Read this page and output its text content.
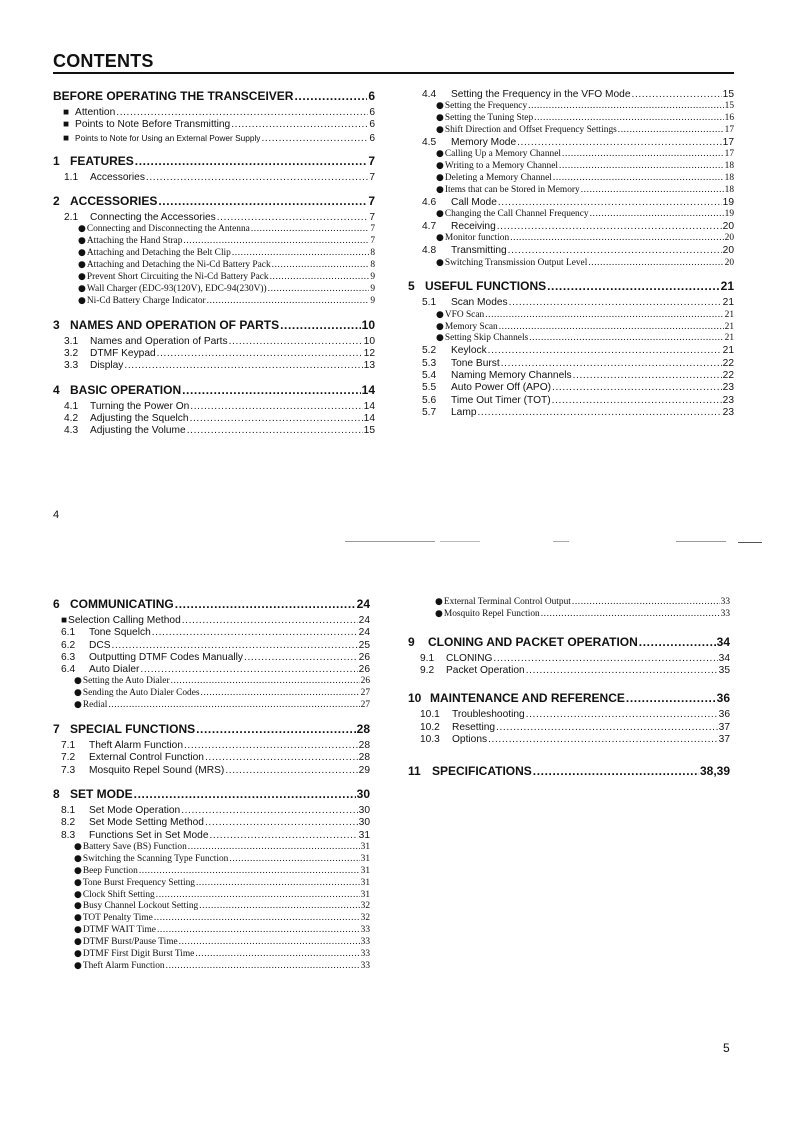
CONTENTS
BEFORE OPERATING THE TRANSCEIVER .....	6
■ Attention .....	6
■ Points to Note Before Transmitting .....	6
■ Points to Note for Using an External Power Supply .....	6
1 FEATURES .....	7
1.1	Accessories .....	7
2 ACCESSORIES .....	7
2.1	Connecting the Accessories .....	7
● Connecting and Disconnecting the Antenna .....	7
● Attaching the Hand Strap .....	7
● Attaching and Detaching the Belt Clip .....	8
● Attaching and Detaching the Ni-Cd Battery Pack .....	8
● Prevent Short Circuiting the Ni-Cd Battery Pack .....	9
● Wall Charger (EDC-93(120V), EDC-94(230V)) .....	9
● Ni-Cd Battery Charge Indicator .....	9
3 NAMES AND OPERATION OF PARTS .....	10
3.1	Names and Operation of Parts .....	10
3.2	DTMF Keypad .....	12
3.3	Display .....	13
4 BASIC OPERATION .....	14
4.1	Turning the Power On .....	14
4.2	Adjusting the Squelch .....	14
4.3	Adjusting the Volume .....	15
4.4	Setting the Frequency in the VFO Mode .....	15
● Setting the Frequency .....	15
● Setting the Tuning Step .....	16
● Shift Direction and Offset Frequency Settings .....	17
4.5	Memory Mode .....	17
● Calling Up a Memory Channel .....	17
● Writing to a Memory Channel .....	18
● Deleting a Memory Channel .....	18
● Items that can be Stored in Memory .....	18
4.6	Call Mode .....	19
● Changing the Call Channel Frequency .....	19
4.7	Receiving .....	20
● Monitor function .....	20
4.8	Transmitting .....	20
● Switching Transmission Output Level .....	20
5 USEFUL FUNCTIONS .....	21
5.1	Scan Modes .....	21
● VFO Scan .....	21
● Memory Scan .....	21
● Setting Skip Channels .....	21
5.2	Keylock .....	21
5.3	Tone Burst .....	22
5.4	Naming Memory Channels .....	22
5.5	Auto Power Off (APO) .....	23
5.6	Time Out Timer (TOT) .....	23
5.7	Lamp .....	23
4
6 COMMUNICATING .....	24
■ Selection Calling Method .....	24
6.1	Tone Squelch .....	24
6.2	DCS .....	25
6.3	Outputting DTMF Codes Manually .....	26
6.4	Auto Dialer .....	26
● Setting the Auto Dialer .....	26
● Sending the Auto Dialer Codes .....	27
● Redial .....	27
7 SPECIAL FUNCTIONS .....	28
7.1	Theft Alarm Function .....	28
7.2	External Control Function .....	28
7.3	Mosquito Repel Sound (MRS) .....	29
8 SET MODE .....	30
8.1	Set Mode Operation .....	30
8.2	Set Mode Setting Method .....	30
8.3	Functions Set in Set Mode .....	31
● Battery Save (BS) Function .....	31
● Switching the Scanning Type Function .....	31
● Beep Function .....	31
● Tone Burst Frequency Setting .....	31
● Clock Shift Setting .....	31
● Busy Channel Lockout Setting .....	32
● TOT Penalty Time .....	32
● DTMF WAIT Time .....	33
● DTMF Burst/Pause Time .....	33
● DTMF First Digit Burst Time .....	33
● Theft Alarm Function .....	33
● External Terminal Control Output .....	33
● Mosquito Repel Function .....	33
9	CLONING AND PACKET OPERATION .....	34
9.1	CLONING .....	34
9.2	Packet Operation .....	35
10 MAINTENANCE AND REFERENCE .....	36
10.1	Troubleshooting .....	36
10.2	Resetting .....	37
10.3	Options .....	37
11 SPECIFICATIONS .....	38,39
5
